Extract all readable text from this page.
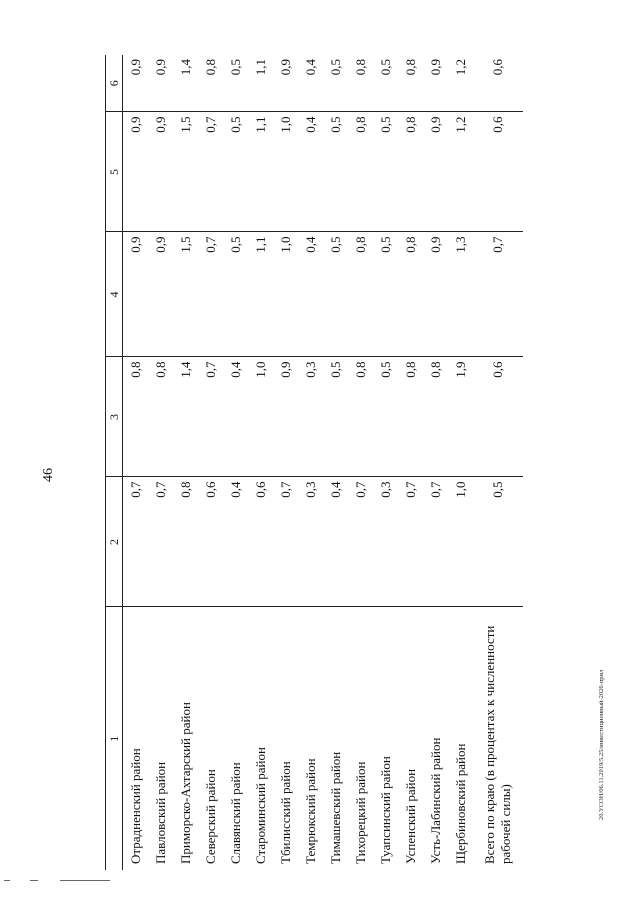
46
20.УСОН/06.11.2019/5.25/инвестиционный-2026-прил
1	2	3	4	5	6
Отрадненский район	0,7	0,8	0,9	0,9	0,9
Павловский район	0,7	0,8	0,9	0,9	0,9
Приморско-Ахтарский район	0,8	1,4	1,5	1,5	1,4
Северский район	0,6	0,7	0,7	0,7	0,8
Славянский район	0,4	0,4	0,5	0,5	0,5
Староминский район	0,6	1,0	1,1	1,1	1,1
Тбилисский район	0,7	0,9	1,0	1,0	0,9
Темрюкский район	0,3	0,3	0,4	0,4	0,4
Тимашевский район	0,4	0,5	0,5	0,5	0,5
Тихорецкий район	0,7	0,8	0,8	0,8	0,8
Туапсинский район	0,3	0,5	0,5	0,5	0,5
Успенский район	0,7	0,8	0,8	0,8	0,8
Усть-Лабинский район	0,7	0,8	0,9	0,9	0,9
Щербиновский район	1,0	1,9	1,3	1,2	1,2
Всего по краю (в процентах к численности рабочей силы)	0,5	0,6	0,7	0,6	0,6
